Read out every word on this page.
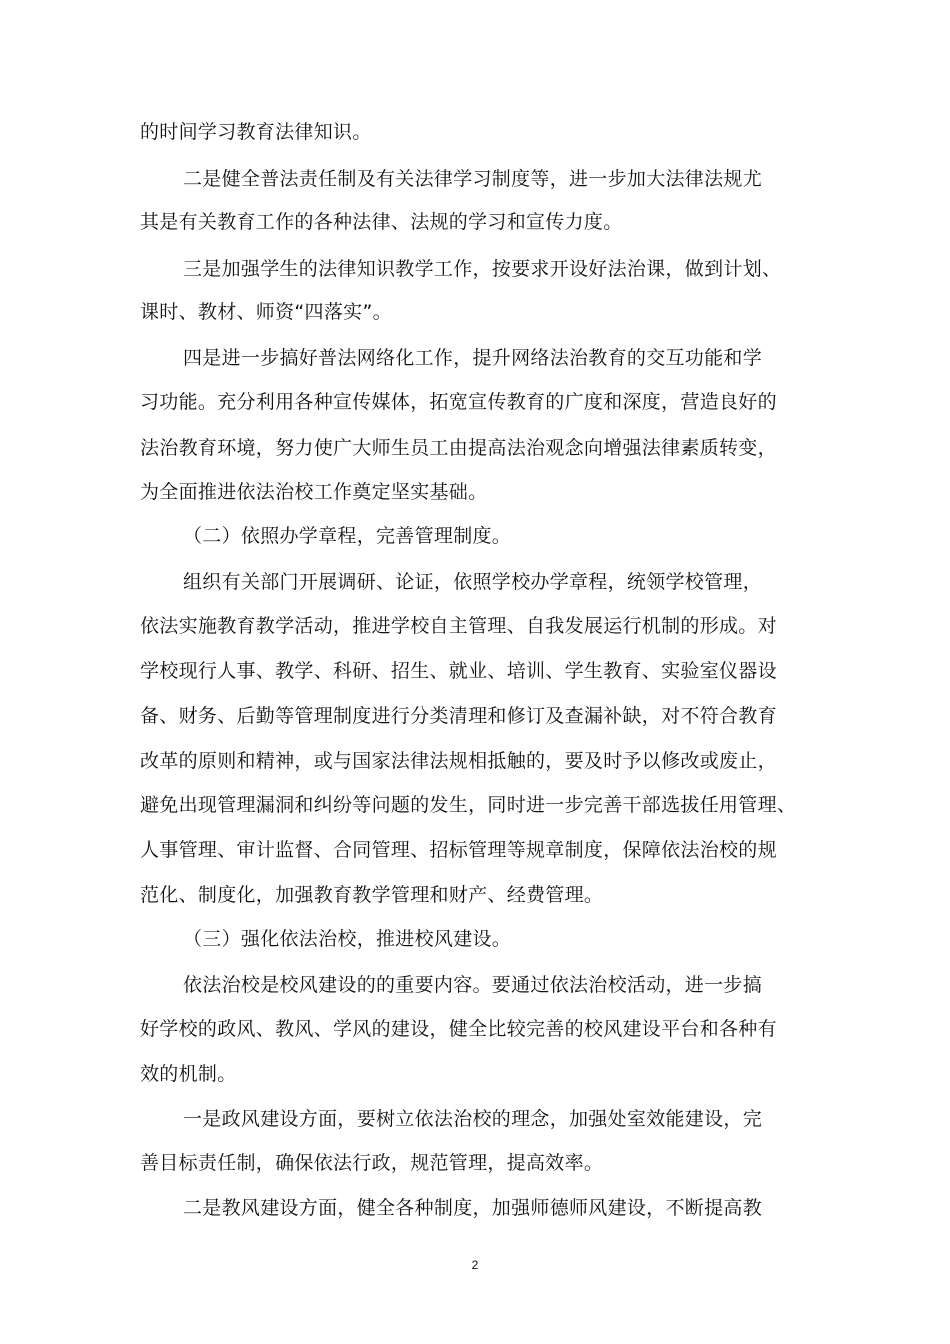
的时间学习教育法律知识。
二是健全普法责任制及有关法律学习制度等，进一步加大法律法规尤
其是有关教育工作的各种法律、法规的学习和宣传力度。
三是加强学生的法律知识教学工作，按要求开设好法治课，做到计划、
课时、教材、师资“四落实”。
四是进一步搞好普法网络化工作，提升网络法治教育的交互功能和学
习功能。充分利用各种宣传媒体，拓宽宣传教育的广度和深度，营造良好的
法治教育环境，努力使广大师生员工由提高法治观念向增强法律素质转变，
为全面推进依法治校工作奠定坚实基础。
（二）依照办学章程，完善管理制度。
组织有关部门开展调研、论证，依照学校办学章程，统领学校管理，
依法实施教育教学活动，推进学校自主管理、自我发展运行机制的形成。对
学校现行人事、教学、科研、招生、就业、培训、学生教育、实验室仪器设
备、财务、后勤等管理制度进行分类清理和修订及查漏补缺，对不符合教育
改革的原则和精神，或与国家法律法规相抵触的，要及时予以修改或废止，
避免出现管理漏洞和纠纷等问题的发生，同时进一步完善干部选拔任用管理、
人事管理、审计监督、合同管理、招标管理等规章制度，保障依法治校的规
范化、制度化，加强教育教学管理和财产、经费管理。
（三）强化依法治校，推进校风建设。
依法治校是校风建设的的重要内容。要通过依法治校活动，进一步搞
好学校的政风、教风、学风的建设，健全比较完善的校风建设平台和各种有
效的机制。
一是政风建设方面，要树立依法治校的理念，加强处室效能建设，完
善目标责任制，确保依法行政，规范管理，提高效率。
二是教风建设方面，健全各种制度，加强师德师风建设，不断提高教
2
